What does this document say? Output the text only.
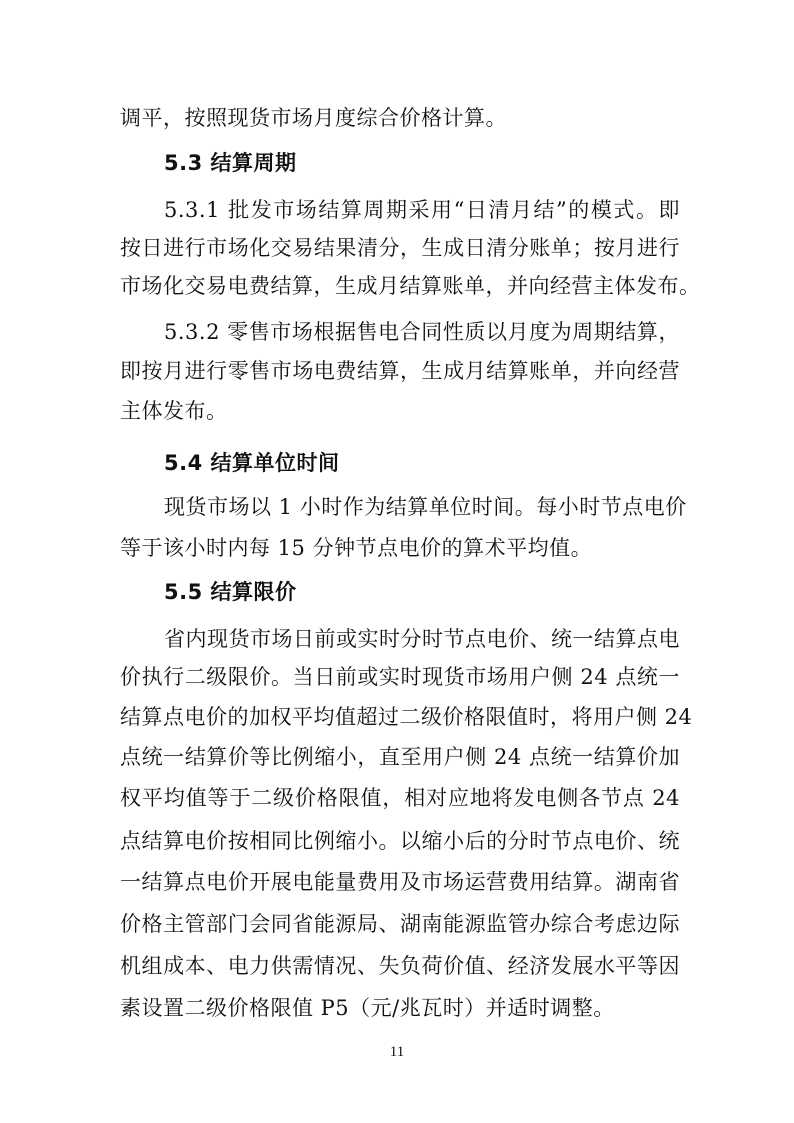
调平，按照现货市场月度综合价格计算。
5.3 结算周期
5.3.1 批发市场结算周期采用“日清月结”的模式。即
按日进行市场化交易结果清分，生成日清分账单；按月进行
市场化交易电费结算，生成月结算账单，并向经营主体发布。
5.3.2 零售市场根据售电合同性质以月度为周期结算，
即按月进行零售市场电费结算，生成月结算账单，并向经营
主体发布。
5.4 结算单位时间
现货市场以 1 小时作为结算单位时间。每小时节点电价
等于该小时内每 15 分钟节点电价的算术平均值。
5.5 结算限价
省内现货市场日前或实时分时节点电价、统一结算点电
价执行二级限价。当日前或实时现货市场用户侧 24 点统一
结算点电价的加权平均值超过二级价格限值时，将用户侧 24
点统一结算价等比例缩小，直至用户侧 24 点统一结算价加
权平均值等于二级价格限值，相对应地将发电侧各节点 24
点结算电价按相同比例缩小。以缩小后的分时节点电价、统
一结算点电价开展电能量费用及市场运营费用结算。湖南省
价格主管部门会同省能源局、湖南能源监管办综合考虑边际
机组成本、电力供需情况、失负荷价值、经济发展水平等因
素设置二级价格限值 P5（元/兆瓦时）并适时调整。
11
